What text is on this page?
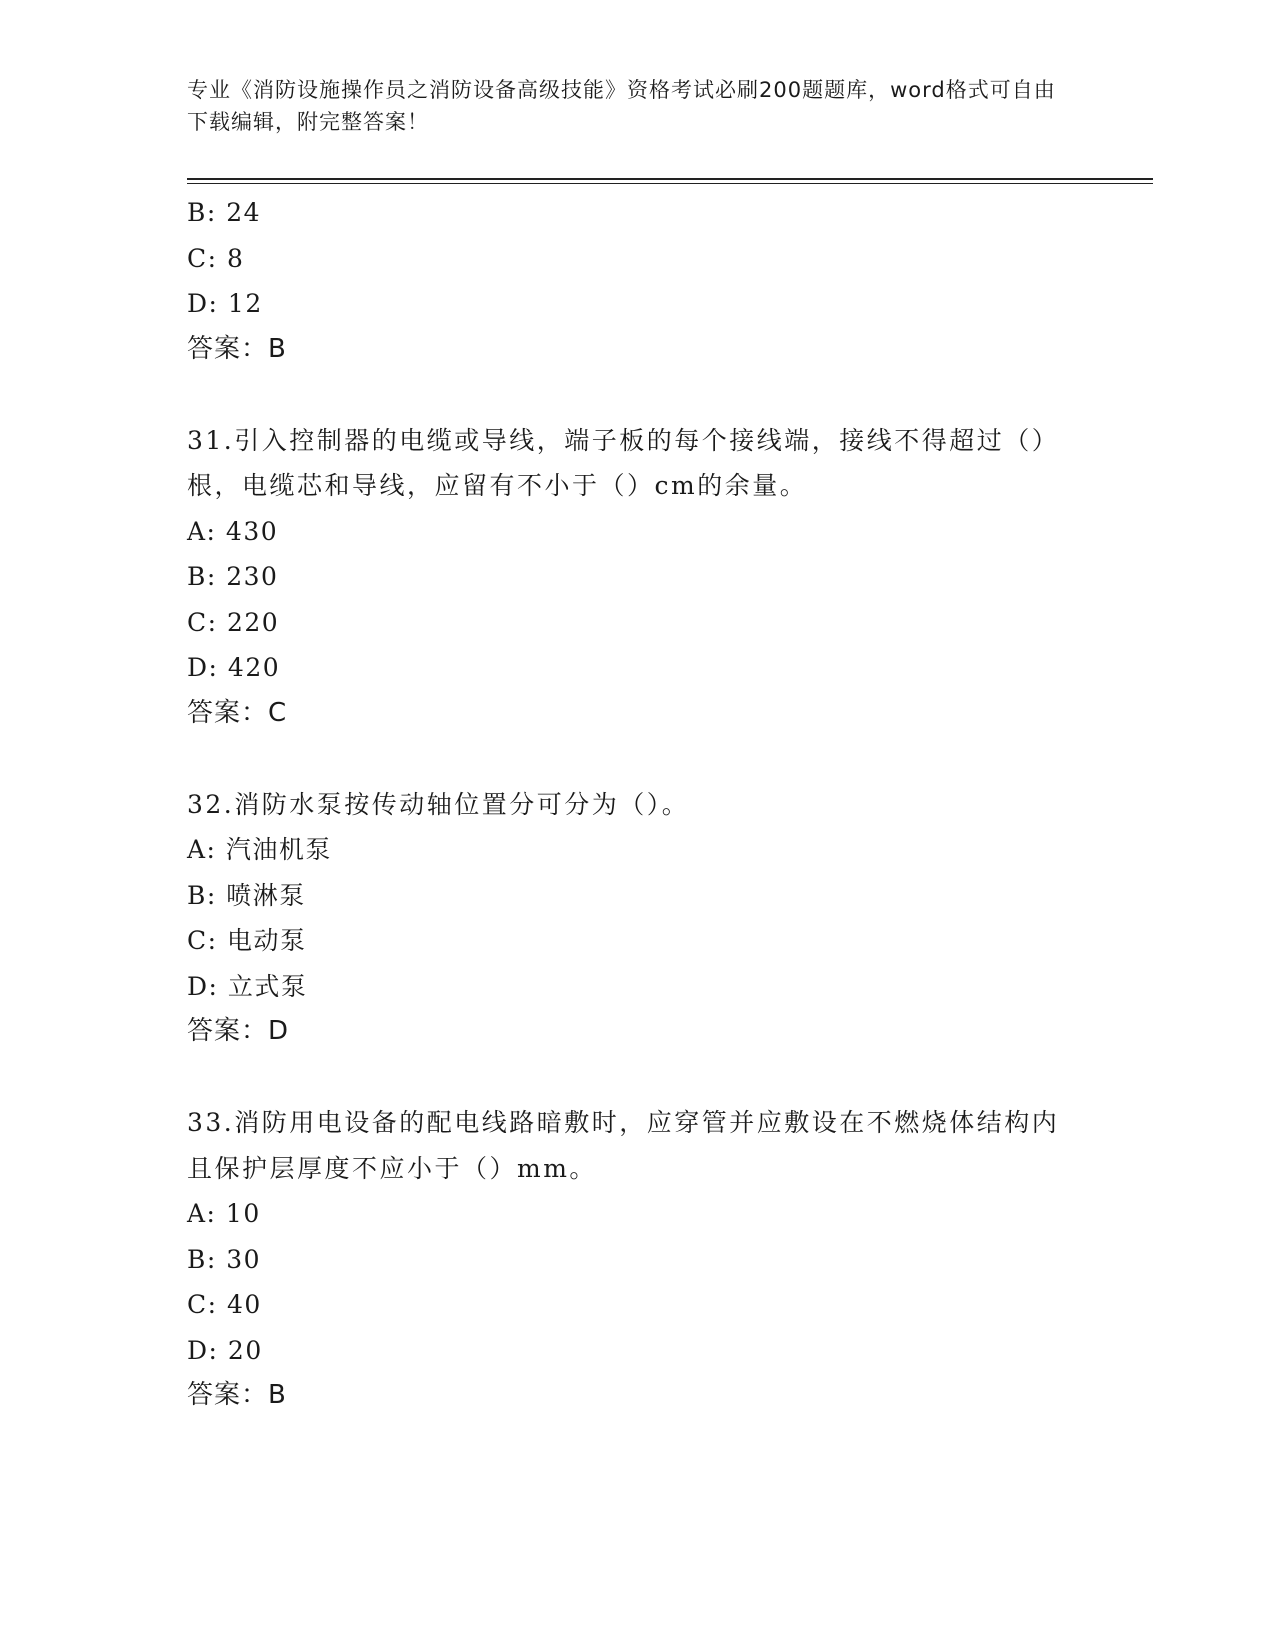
专业《消防设施操作员之消防设备高级技能》资格考试必刷200题题库，word格式可自由下载编辑，附完整答案！
B: 24
C: 8
D: 12
答案：B
31.引入控制器的电缆或导线，端子板的每个接线端，接线不得超过（）根，电缆芯和导线，应留有不小于（）cm的余量。
A: 430
B: 230
C: 220
D: 420
答案：C
32.消防水泵按传动轴位置分可分为（）。
A: 汽油机泵
B: 喷淋泵
C: 电动泵
D: 立式泵
答案：D
33.消防用电设备的配电线路暗敷时，应穿管并应敷设在不燃烧体结构内且保护层厚度不应小于（）mm。
A: 10
B: 30
C: 40
D: 20
答案：B
